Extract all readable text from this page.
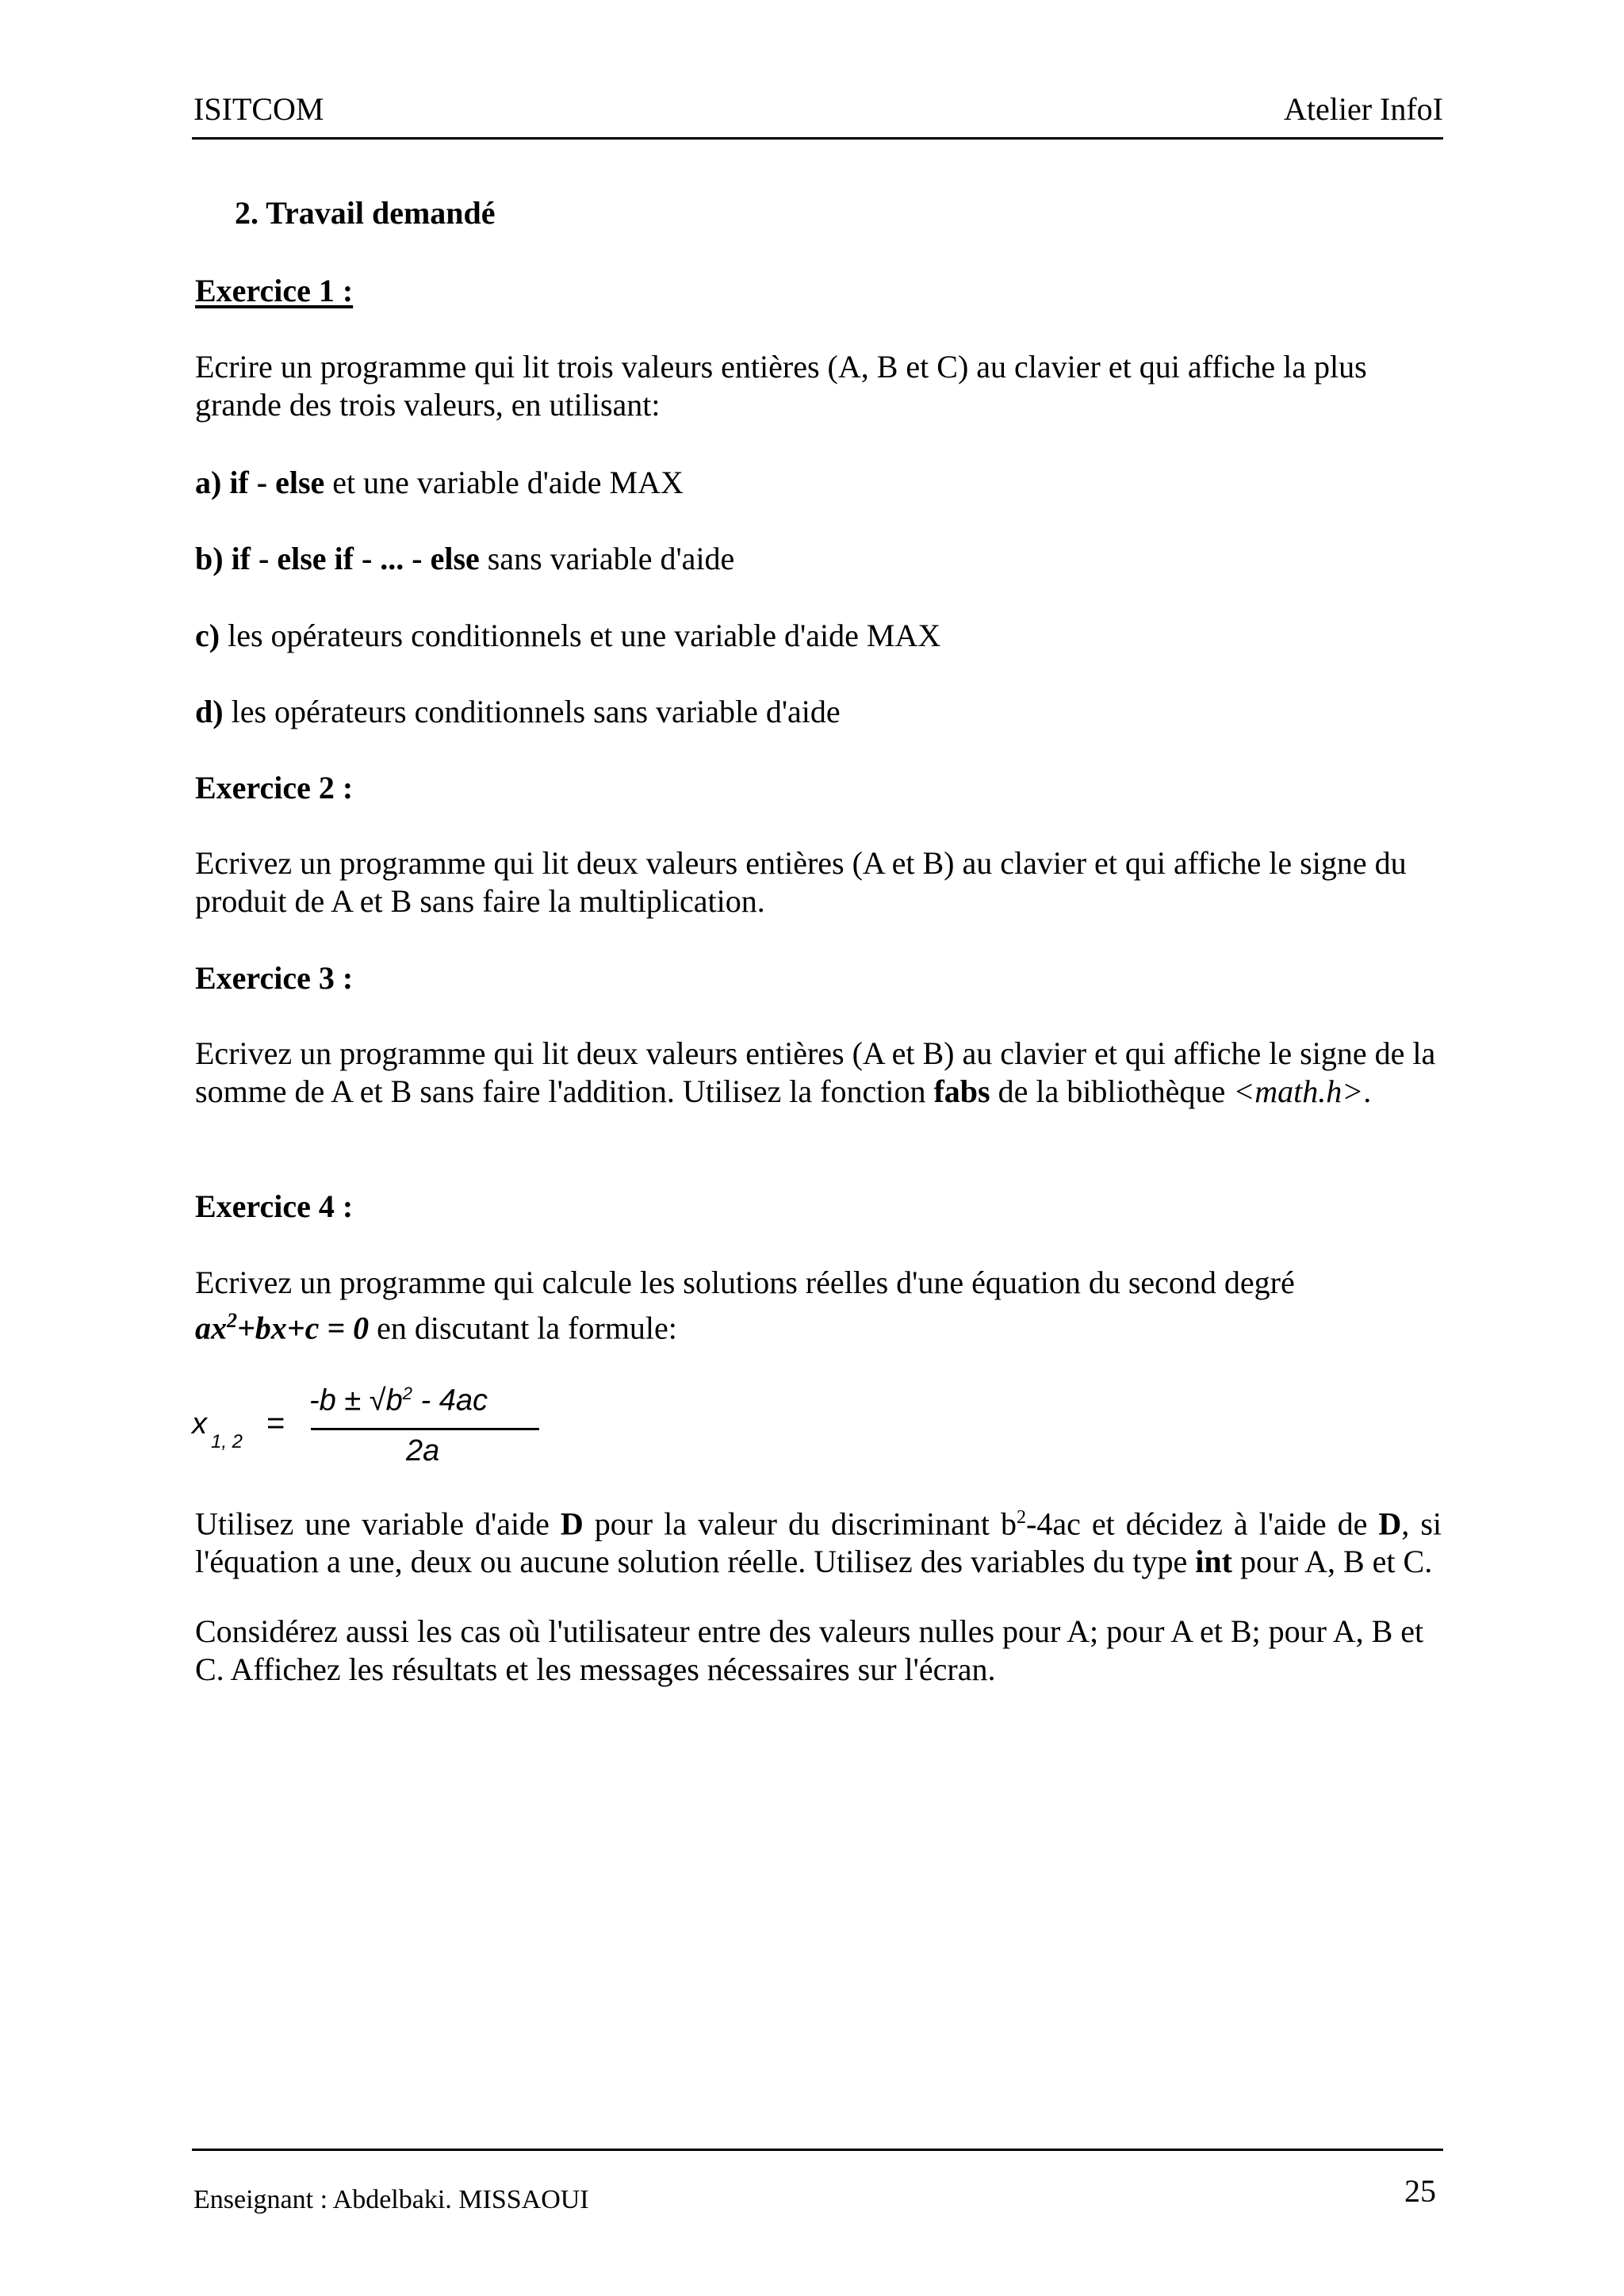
ISITCOM	Atelier InfoI
2. Travail demandé
Exercice 1 :
Ecrire un programme qui lit trois valeurs entières (A, B et C) au clavier et qui affiche la plus grande des trois valeurs, en utilisant:
a) if - else et une variable d'aide MAX
b) if - else if - ... - else sans variable d'aide
c) les opérateurs conditionnels et une variable d'aide MAX
d) les opérateurs conditionnels sans variable d'aide
Exercice 2 :
Ecrivez un programme qui lit deux valeurs entières (A et B) au clavier et qui affiche le signe du produit de A et B sans faire la multiplication.
Exercice 3 :
Ecrivez un programme qui lit deux valeurs entières (A et B) au clavier et qui affiche le signe de la somme de A et B sans faire l'addition. Utilisez la fonction fabs de la bibliothèque <math.h>.
Exercice 4 :
Ecrivez un programme qui calcule les solutions réelles d'une équation du second degré
$ax^2+bx+c = 0$ en discutant la formule:
x
1, 2
=
$-b \pm √b^2 - 4ac$
2a
Utilisez une variable d'aide D pour la valeur du discriminant $b^2-4ac$ et décidez à l'aide de D, si l'équation a une, deux ou aucune solution réelle. Utilisez des variables du type int pour A, B et C.
Considérez aussi les cas où l'utilisateur entre des valeurs nulles pour A; pour A et B; pour A, B et C. Affichez les résultats et les messages nécessaires sur l'écran.
Enseignant : Abdelbaki. MISSAOUI	25
